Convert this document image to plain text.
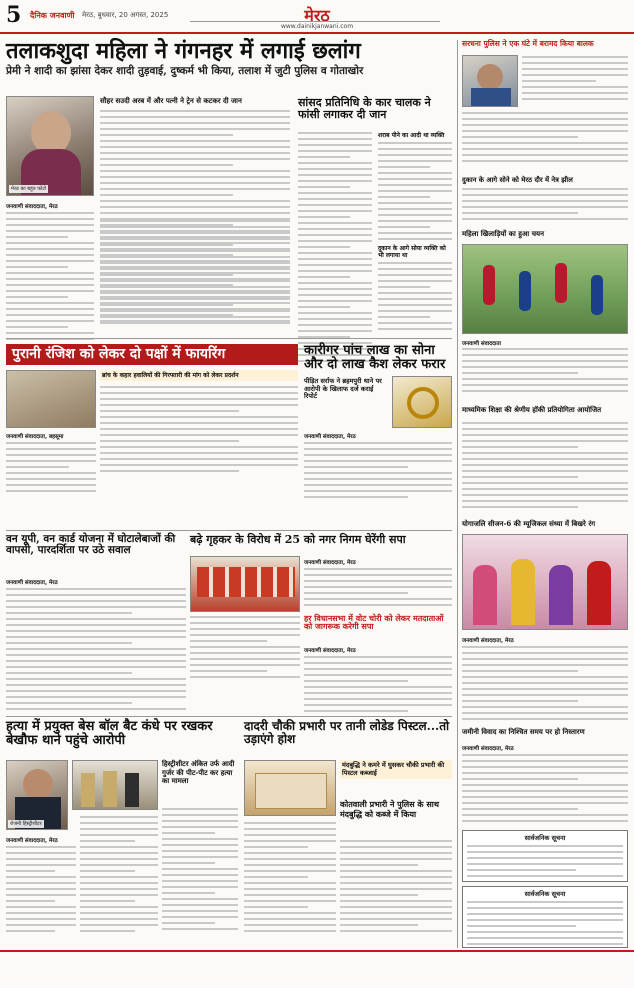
5 दैनिक जनवाणी मेरठ, बुधवार, 20 अगस्त, 2025	मेरठ
www.dainikjanwani.com
तलाकशुदा महिला ने गंगनहर में लगाई छलांग
प्रेमी ने शादी का झांसा देकर शादी तुड़वाई, दुष्कर्म भी किया, तलाश में जुटी पुलिस व गोताखोर
मेरठ का बहुत फोटो
सौहर सउदी अरब में और पत्नी ने ट्रेन से कटकर दी जान
जनवाणी संवाददाता, मेरठ
सांसद प्रतिनिधि के कार चालक ने फांसी लगाकर दी जान
शराब पीने का आदी था व्यक्ति
दुकान के आगे सोया व्यक्ति को भी लगाया था
सरधना पुलिस ने एक घंटे में बरामद किया बालक
दुकान के आगे सोने को मेरठ दौर में नेत्र झील
महिला खिलाड़ियों का हुआ चयन
जनवाणी संवाददाता
पुरानी रंजिश को लेकर दो पक्षों में फायरिंग
जनवाणी संवाददाता, बहसूमा
ब्रांच के कहार हवालियों की गिरफ्तारी की मांग को लेकर प्रदर्शन
कारीगर पांच लाख का सोना और दो लाख कैश लेकर फरार
पीड़ित सर्राफ ने ब्रहमपुरी थाने पर आरोपी के खिलाफ दर्ज कराई रिपोर्ट
जनवाणी संवाददाता, मेरठ
माध्यमिक शिक्षा की श्रेणीय हॉकी प्रतियोगिता आयोजित
योगाजलि सीजन-6 की म्यूजिकल संध्या में बिखरे रंग
जनवाणी संवाददाता, मेरठ
वन यूपी, वन कार्ड योजना में घोटालेबाजों की वापसी, पारदर्शिता पर उठे सवाल
जनवाणी संवाददाता, मेरठ
बढ़े गृहकर के विरोध में 25 को नगर निगम घेरेंगी सपा
जनवाणी संवाददाता, मेरठ
हर विधानसभा में वोट चोरी को लेकर मतदाताओं को जागरूक करेगी सपा
जनवाणी संवाददाता, मेरठ
जमीनी विवाद का निश्चित समय पर हो निस्तारण
जनवाणी संवाददाता, मेरठ
सार्वजनिक सूचना
सार्वजनिक सूचना
हत्या में प्रयुक्त बेस बॉल बैट कंधे पर रखकर बेखौफ थाने पहुंचे आरोपी
रोजनी हिस्ट्रीशीटर
हिस्ट्रीशीटर अंकित उर्फ आदी गुर्जर की पीट-पीट कर हत्या का मामला
जनवाणी संवाददाता, मेरठ
दादरी चौकी प्रभारी पर तानी लोडेड पिस्टल...तो उड़ाएंगे होश
मंदबुद्धि ने कमरे में घुसकर चौकी प्रभारी की पिस्टल कब्जाई
कोतवाली प्रभारी ने पुलिस के साथ मंदबुद्धि को कब्जे में किया
